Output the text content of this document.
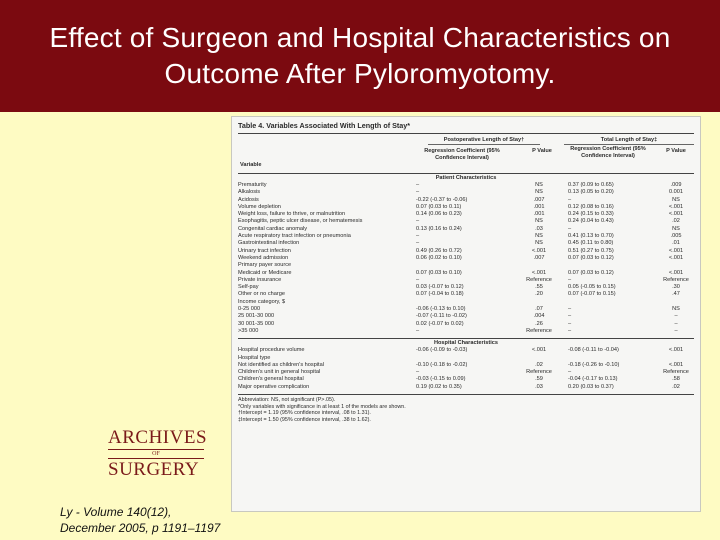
Effect of Surgeon and Hospital Characteristics on
Outcome After Pyloromyotomy.
Table 4. Variables Associated With Length of Stay*
Postoperative Length of Stay†	Total Length of Stay‡
Variable
Regression Coefficient (95% Confidence Interval)
P Value	Regression Coefficient (95% Confidence Interval)
P Value
Patient Characteristics
Prematurity	–	NS	0.37 (0.09 to 0.65)	.009
Alkalosis	–	NS	0.13 (0.05 to 0.20)	0.001
Acidosis	-0.22 (-0.37 to -0.06)	.007	–	NS
Volume depletion	0.07 (0.03 to 0.11)	.001	0.12 (0.08 to 0.16)	<.001
Weight loss, failure to thrive, or malnutrition	0.14 (0.06 to 0.23)	.001	0.24 (0.15 to 0.33)	<.001
Esophagitis, peptic ulcer disease, or hematemesis	–	NS	0.24 (0.04 to 0.43)	.02
Congenital cardiac anomaly	0.13 (0.16 to 0.24)	.03	–	NS
Acute respiratory tract infection or pneumonia	–	NS	0.41 (0.13 to 0.70)	.005
Gastrointestinal infection	–	NS	0.45 (0.11 to 0.80)	.01
Urinary tract infection	0.49 (0.26 to 0.72)	<.001	0.51 (0.27 to 0.75)	<.001
Weekend admission	0.06 (0.02 to 0.10)	.007	0.07 (0.03 to 0.12)	<.001
Primary payer source
Medicaid or Medicare	0.07 (0.03 to 0.10)	<.001	0.07 (0.03 to 0.12)	<.001
Private insurance	–	Reference	–	Reference
Self-pay	0.03 (-0.07 to 0.12)	.55	0.05 (-0.05 to 0.15)	.30
Other or no charge	0.07 (-0.04 to 0.18)	.20	0.07 (-0.07 to 0.15)	.47
Income category, $
0-25 000	-0.06 (-0.13 to 0.10)	.07	–	NS
25 001-30 000	-0.07 (-0.11 to -0.02)	.004	–	–
30 001-35 000	0.02 (-0.07 to 0.02)	.26	–	–
>35 000	–	Reference	–	–
Hospital Characteristics
Hospital procedure volume	-0.06 (-0.09 to -0.03)	<.001	-0.08 (-0.11 to -0.04)	<.001
Hospital type
Not identified as children's hospital	-0.10 (-0.18 to -0.02)	.02	-0.18 (-0.26 to -0.10)	<.001
Children's unit in general hospital	–	Reference	–	Reference
Children's general hospital	-0.03 (-0.15 to 0.09)	.59	-0.04 (-0.17 to 0.13)	.58
Major operative complication	0.19 (0.02 to 0.35)	.03	0.20 (0.03 to 0.37)	.02
Abbreviation: NS, not significant (P>.05).
*Only variables with significance in at least 1 of the models are shown.
†Intercept = 1.19 (95% confidence interval, .08 to 1.31).
‡Intercept = 1.50 (95% confidence interval, .38 to 1.62).
ARCHIVES
OF
SURGERY
Ly - Volume 140(12),
December 2005, p 1191–1197
